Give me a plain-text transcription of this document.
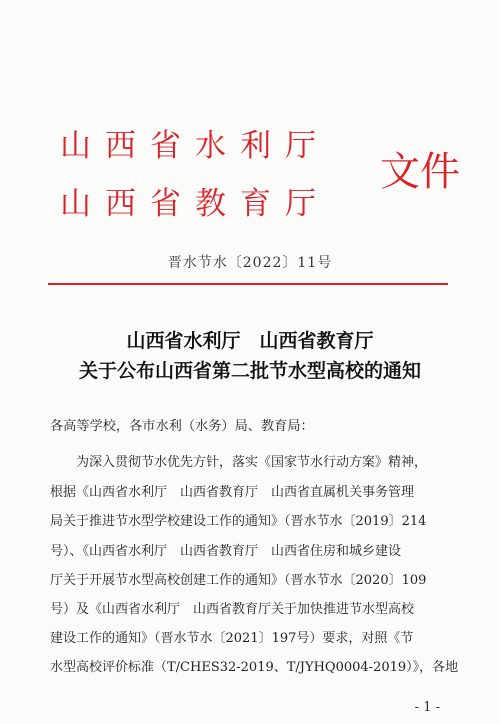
山西省水利厅
山西省教育厅
文件
晋水节水〔2022〕11号
山西省水利厅　山西省教育厅
关于公布山西省第二批节水型高校的通知
各高等学校，各市水利（水务）局、教育局：
　　为深入贯彻节水优先方针，落实《国家节水行动方案》精神，
根据《山西省水利厅　山西省教育厅　山西省直属机关事务管理
局关于推进节水型学校建设工作的通知》（晋水节水〔2019〕214
号）、《山西省水利厅　山西省教育厅　山西省住房和城乡建设
厅关于开展节水型高校创建工作的通知》（晋水节水〔2020〕109
号）及《山西省水利厅　山西省教育厅关于加快推进节水型高校
建设工作的通知》（晋水节水〔2021〕197号）要求，对照《节
水型高校评价标准（T/CHES32-2019、T/JYHQ0004-2019）》，各地
- 1 -
